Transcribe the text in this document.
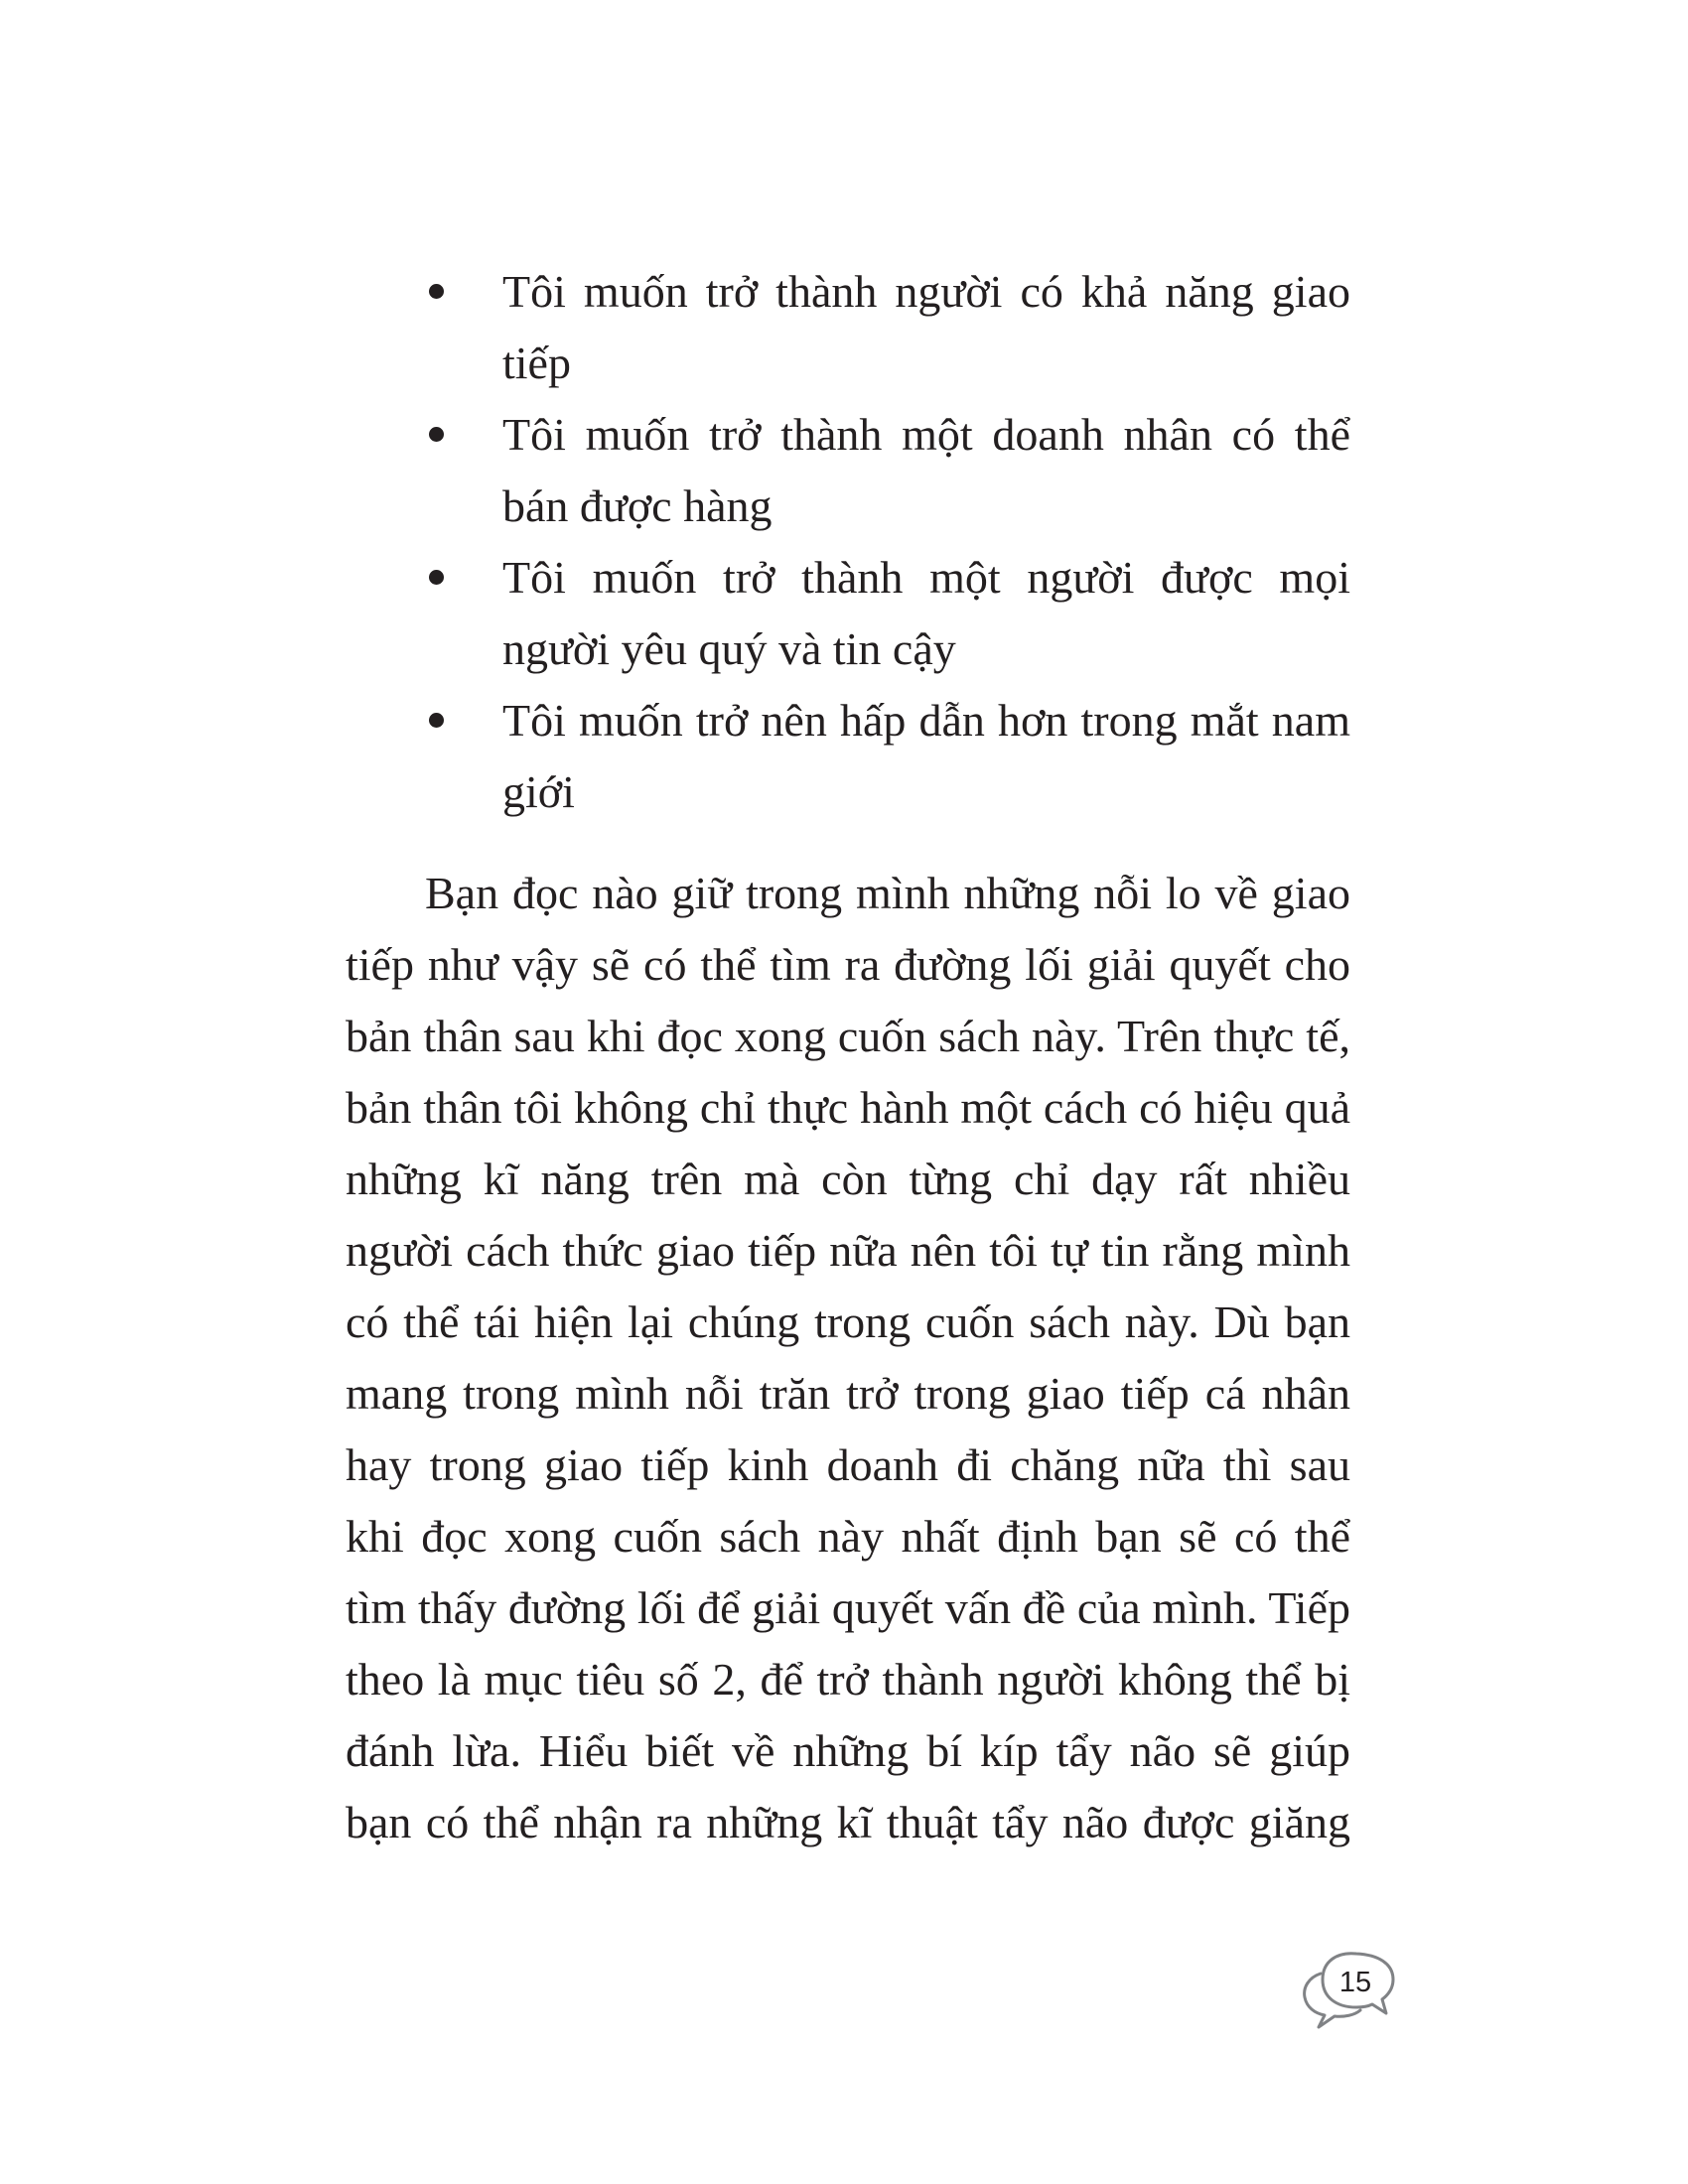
Tôi muốn trở thành người có khả năng giao tiếp
Tôi muốn trở thành một doanh nhân có thể bán được hàng
Tôi muốn trở thành một người được mọi người yêu quý và tin cậy
Tôi muốn trở nên hấp dẫn hơn trong mắt nam giới

Bạn đọc nào giữ trong mình những nỗi lo về giao tiếp như vậy sẽ có thể tìm ra đường lối giải quyết cho bản thân sau khi đọc xong cuốn sách này. Trên thực tế, bản thân tôi không chỉ thực hành một cách có hiệu quả những kĩ năng trên mà còn từng chỉ dạy rất nhiều người cách thức giao tiếp nữa nên tôi tự tin rằng mình có thể tái hiện lại chúng trong cuốn sách này. Dù bạn mang trong mình nỗi trăn trở trong giao tiếp cá nhân hay trong giao tiếp kinh doanh đi chăng nữa thì sau khi đọc xong cuốn sách này nhất định bạn sẽ có thể tìm thấy đường lối để giải quyết vấn đề của mình. Tiếp theo là mục tiêu số 2, để trở thành người không thể bị đánh lừa. Hiểu biết về những bí kíp tẩy não sẽ giúp bạn có thể nhận ra những kĩ thuật tẩy não được giăng

15
